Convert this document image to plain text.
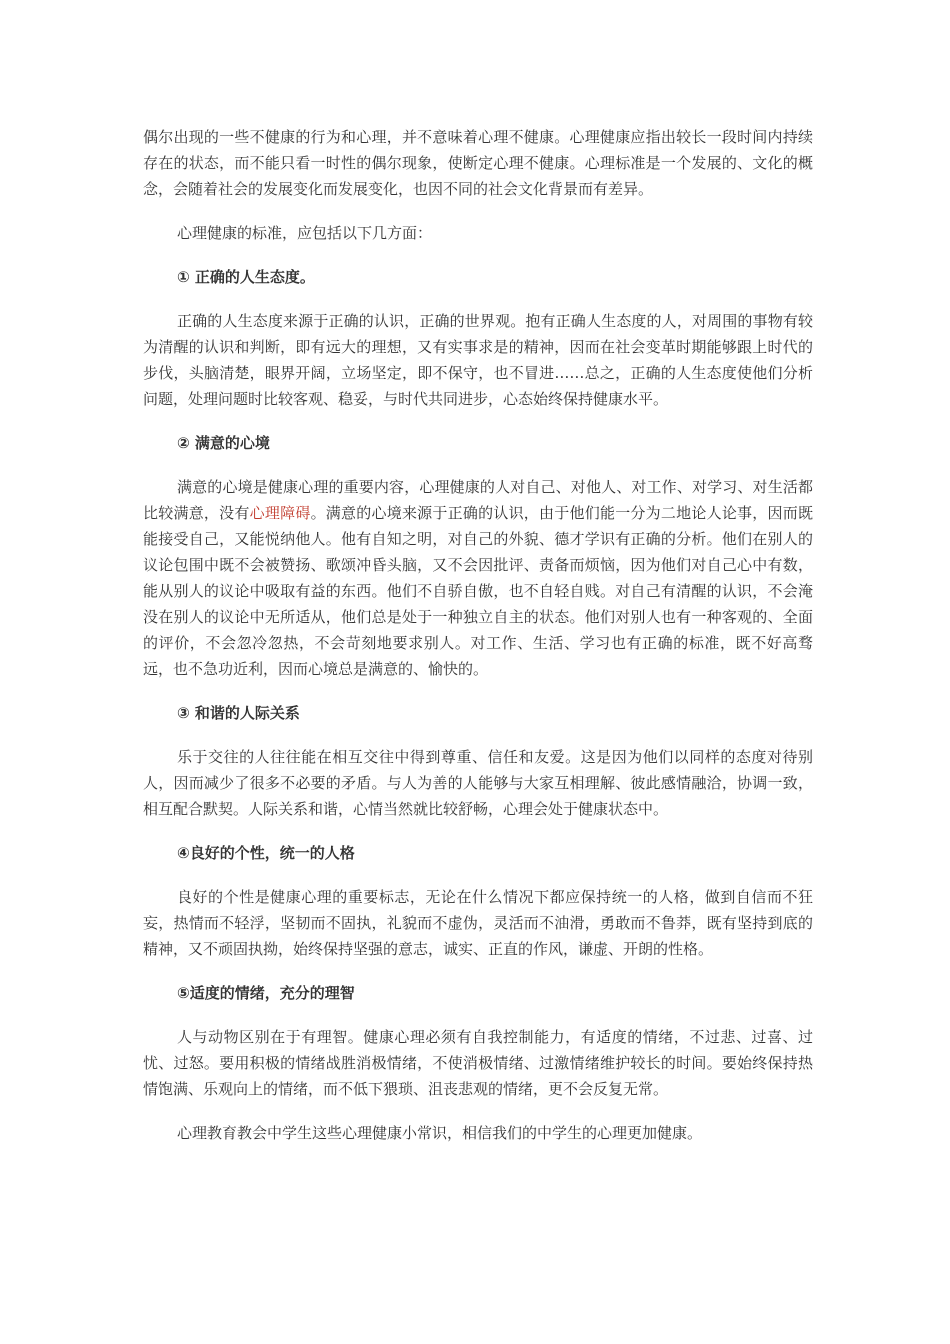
偶尔出现的一些不健康的行为和心理，并不意味着心理不健康。心理健康应指出较长一段时间内持续存在的状态，而不能只看一时性的偶尔现象，使断定心理不健康。心理标准是一个发展的、文化的概念，会随着社会的发展变化而发展变化，也因不同的社会文化背景而有差异。

心理健康的标准，应包括以下几方面：

① 正确的人生态度。

正确的人生态度来源于正确的认识，正确的世界观。抱有正确人生态度的人，对周围的事物有较为清醒的认识和判断，即有远大的理想，又有实事求是的精神，因而在社会变革时期能够跟上时代的步伐，头脑清楚，眼界开阔，立场坚定，即不保守，也不冒进……总之，正确的人生态度使他们分析问题，处理问题时比较客观、稳妥，与时代共同进步，心态始终保持健康水平。

② 满意的心境

满意的心境是健康心理的重要内容，心理健康的人对自己、对他人、对工作、对学习、对生活都比较满意，没有心理障碍。满意的心境来源于正确的认识，由于他们能一分为二地论人论事，因而既能接受自己，又能悦纳他人。他有自知之明，对自己的外貌、德才学识有正确的分析。他们在别人的议论包围中既不会被赞扬、歌颂冲昏头脑，又不会因批评、责备而烦恼，因为他们对自己心中有数，能从别人的议论中吸取有益的东西。他们不自骄自傲，也不自轻自贱。对自己有清醒的认识，不会淹没在别人的议论中无所适从，他们总是处于一种独立自主的状态。他们对别人也有一种客观的、全面的评价，不会忽冷忽热，不会苛刻地要求别人。对工作、生活、学习也有正确的标准，既不好高骛远，也不急功近利，因而心境总是满意的、愉快的。

③ 和谐的人际关系

乐于交往的人往往能在相互交往中得到尊重、信任和友爱。这是因为他们以同样的态度对待别人，因而减少了很多不必要的矛盾。与人为善的人能够与大家互相理解、彼此感情融洽，协调一致，相互配合默契。人际关系和谐，心情当然就比较舒畅，心理会处于健康状态中。

④良好的个性，统一的人格

良好的个性是健康心理的重要标志，无论在什么情况下都应保持统一的人格，做到自信而不狂妄，热情而不轻浮，坚韧而不固执，礼貌而不虚伪，灵活而不油滑，勇敢而不鲁莽，既有坚持到底的精神，又不顽固执拗，始终保持坚强的意志，诚实、正直的作风，谦虚、开朗的性格。

⑤适度的情绪，充分的理智

人与动物区别在于有理智。健康心理必须有自我控制能力，有适度的情绪，不过悲、过喜、过忧、过怒。要用积极的情绪战胜消极情绪，不使消极情绪、过激情绪维护较长的时间。要始终保持热情饱满、乐观向上的情绪，而不低下猥琐、沮丧悲观的情绪，更不会反复无常。

心理教育教会中学生这些心理健康小常识，相信我们的中学生的心理更加健康。
